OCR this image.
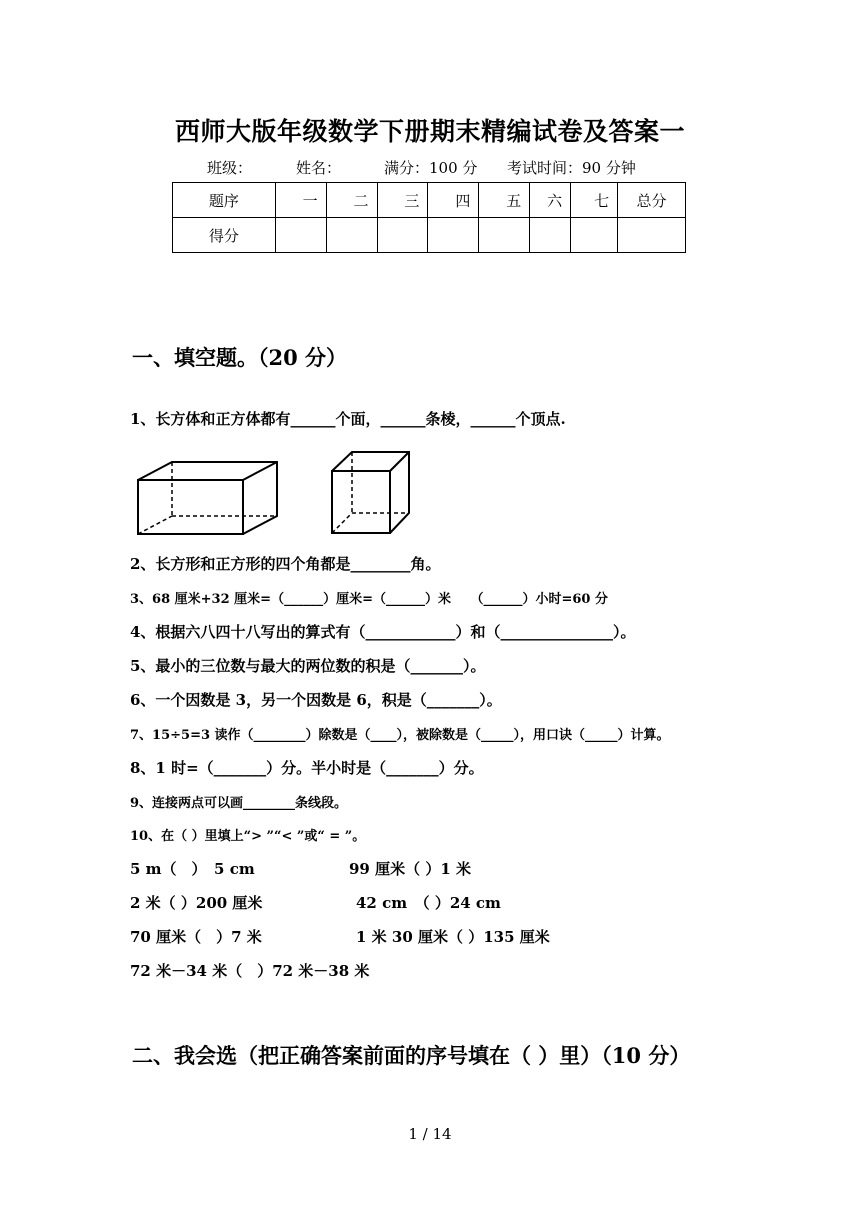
西师大版年级数学下册期末精编试卷及答案一
班级：	姓名：	满分：100 分 考试时间：90 分钟
题序	一	二	三	四	五	六	七	总分
得分								
一、填空题。（20 分）
1、长方体和正方体都有______个面，______条棱，______个顶点.
2、长方形和正方形的四个角都是________角。
3、68 厘米+32 厘米=（______）厘米=（______）米　　（______）小时=60 分
4、根据六八四十八写出的算式有（____________）和（_______________）。
5、最小的三位数与最大的两位数的积是（_______）。
6、一个因数是 3，另一个因数是 6，积是（_______）。
7、15÷5=3 读作（________）除数是（____），被除数是（_____），用口诀（_____）计算。
8、1 时=（_______）分。半小时是（_______）分。
9、连接两点可以画________条线段。
10、在（ ）里填上“> ”“< ”或“ = ”。
5 m（　）　5 cm	99 厘米（ ）1 米
2 米（ ）200 厘米	42 cm　（ ）24 cm
70 厘米（　）7 米	1 米 30 厘米（ ）135 厘米
72 米－34 米（　）72 米－38 米
二、我会选（把正确答案前面的序号填在（ ）里）（10 分）
1 / 14
